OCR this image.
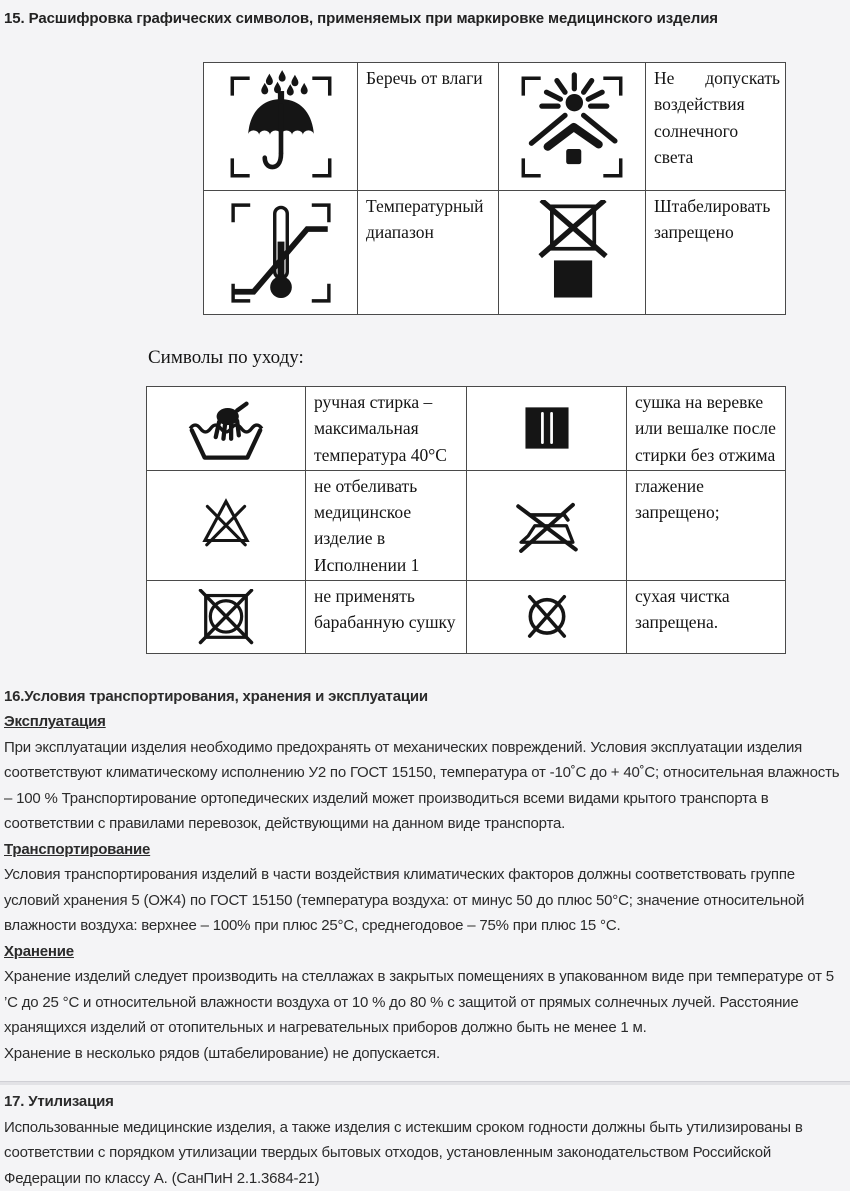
15. Расшифровка графических символов, применяемых при маркировке медицинского изделия
	Беречь от влаги		Не допускать воздействия солнечного света

	Температурный диапазон		Штабелировать запрещено
Символы по уходу:
	ручная стирка – максимальная температура 40°С		сушка на веревке или вешалке после стирки без отжима

	не отбеливать медицинское изделие в Исполнении 1		глажение запрещено;

	не применять барабанную сушку		сухая чистка запрещена.
16.Условия транспортирования, хранения и эксплуатации
Эксплуатация

При эксплуатации изделия необходимо предохранять от механических повреждений. Условия эксплуатации изделия соответствуют климатическому исполнению У2 по ГОСТ 15150, температура от -10˚С до + 40˚С; относительная влажность – 100 % Транспортирование ортопедических изделий может производиться всеми видами крытого транспорта в соответствии с правилами перевозок, действующими на данном виде транспорта.

Транспортирование

Условия транспортирования изделий в части воздействия климатических факторов должны соответствовать группе условий хранения 5 (ОЖ4) по ГОСТ 15150 (температура воздуха: от минус 50 до плюс 50°С; значение относительной влажности воздуха: верхнее – 100% при плюс 25°С, среднегодовое – 75% при плюс 15 °С.

Хранение

Хранение изделий следует производить на стеллажах в закрытых помещениях в упакованном виде при температуре от 5 ’С до 25 °С и относительной влажности воздуха от 10 % до 80 % с защитой от прямых солнечных лучей. Расстояние хранящихся изделий от отопительных и нагревательных приборов должно быть не менее 1 м.

Хранение в несколько рядов (штабелирование) не допускается.

17. Утилизация

Использованные медицинские изделия, а также изделия с истекшим сроком годности должны быть утилизированы в соответствии с порядком утилизации твердых бытовых отходов, установленным законодательством Российской Федерации по классу А. (СанПиН 2.1.3684-21)
